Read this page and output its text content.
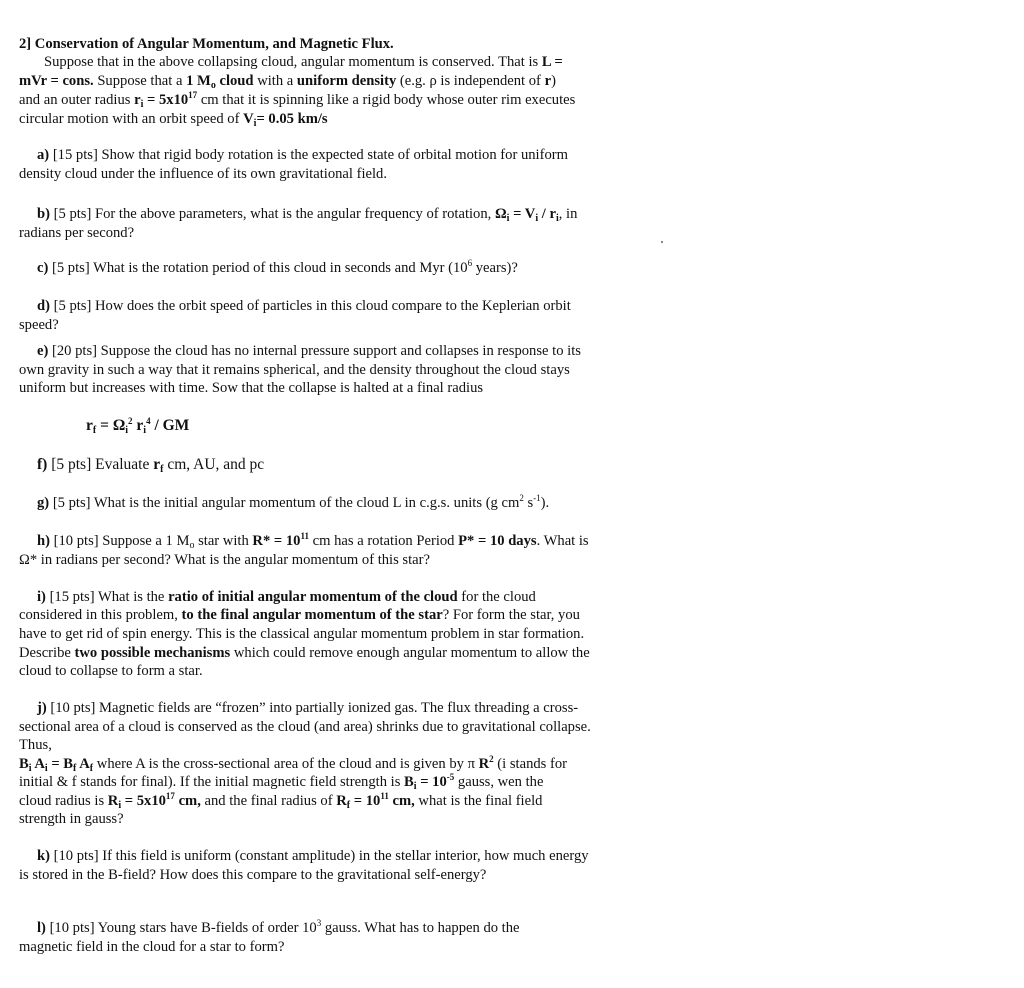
2] Conservation of Angular Momentum, and Magnetic Flux.
Suppose that in the above collapsing cloud, angular momentum is conserved. That is L =
mVr = cons. Suppose that a 1 $M_o$ cloud with a uniform density (e.g. ρ is independent of r)
and an outer radius $r_i = 5x10^{17}$ cm that it is spinning like a rigid body whose outer rim executes
circular motion with an orbit speed of $V_i= 0.05$ km/s
a) [15 pts] Show that rigid body rotation is the expected state of orbital motion for uniform
density cloud under the influence of its own gravitational field.
b) [5 pts] For the above parameters, what is the angular frequency of rotation, $\Omega_i = V_i / r_i$, in
radians per second?
c) [5 pts] What is the rotation period of this cloud in seconds and Myr ($10^6$ years)?
d) [5 pts] How does the orbit speed of particles in this cloud compare to the Keplerian orbit
speed?
e) [20 pts] Suppose the cloud has no internal pressure support and collapses in response to its
own gravity in such a way that it remains spherical, and the density throughout the cloud stays
uniform but increases with time. Sow that the collapse is halted at a final radius
$r_f = \Omega_i^2$ $r_i^4$ / GM
f) [5 pts] Evaluate $r_f$ cm, AU, and pc
g) [5 pts] What is the initial angular momentum of the cloud L in c.g.s. units (g $cm^2$ $s^{-1}$).
h) [10 pts] Suppose a 1 $M_o$ star with $R* = 10^{11}$ cm has a rotation Period P* = 10 days. What is
Ω* in radians per second? What is the angular momentum of this star?
i) [15 pts] What is the ratio of initial angular momentum of the cloud for the cloud
considered in this problem, to the final angular momentum of the star? For form the star, you
have to get rid of spin energy. This is the classical angular momentum problem in star formation.
Describe two possible mechanisms which could remove enough angular momentum to allow the
cloud to collapse to form a star.
j) [10 pts] Magnetic fields are “frozen” into partially ionized gas. The flux threading a cross-
sectional area of a cloud is conserved as the cloud (and area) shrinks due to gravitational collapse.
Thus,
$B_i$ $A_i = B_f$ $A_f$ where A is the cross-sectional area of the cloud and is given by π $R^2$ (i stands for
initial & f stands for final). If the initial magnetic field strength is $B_i = 10^{-5}$ gauss, wen the
cloud radius is $R_i = 5x10^{17}$ cm, and the final radius of $R_f = 10^{11}$ cm, what is the final field
strength in gauss?
k) [10 pts] If this field is uniform (constant amplitude) in the stellar interior, how much energy
is stored in the B-field? How does this compare to the gravitational self-energy?
l) [10 pts] Young stars have B-fields of order $10^3$ gauss. What has to happen do the
magnetic field in the cloud for a star to form?
